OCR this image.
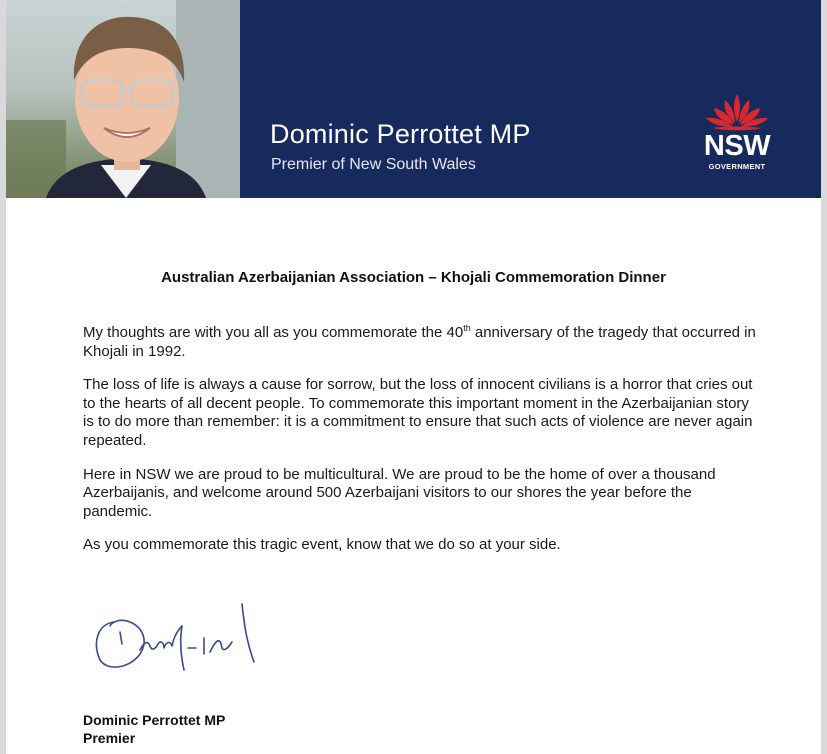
Dominic Perrottet MP
Premier of New South Wales
NSW
GOVERNMENT
Australian Azerbaijanian Association – Khojali Commemoration Dinner

My thoughts are with you all as you commemorate the 40th anniversary of the tragedy that occurred in Khojali in 1992.

The loss of life is always a cause for sorrow, but the loss of innocent civilians is a horror that cries out to the hearts of all decent people. To commemorate this important moment in the Azerbaijanian story is to do more than remember: it is a commitment to ensure that such acts of violence are never again repeated.

Here in NSW we are proud to be multicultural. We are proud to be the home of over a thousand Azerbaijanis, and welcome around 500 Azerbaijani visitors to our shores the year before the pandemic.

As you commemorate this tragic event, know that we do so at your side.

Dominic Perrottet MP
Premier
